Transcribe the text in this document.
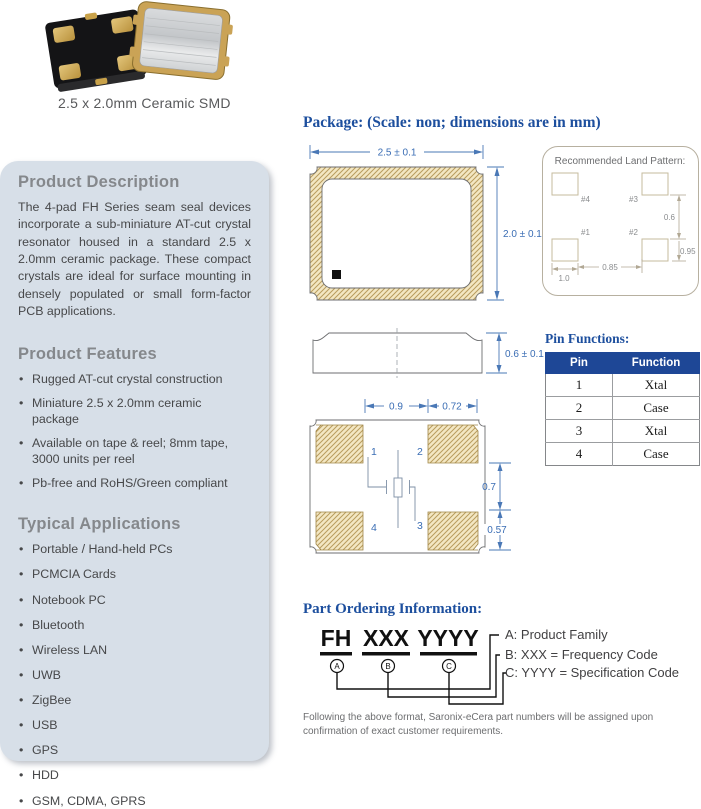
2.5 x 2.0mm Ceramic SMD
Product Description

The 4-pad FH Series seam seal devices incorporate a sub-miniature AT-cut crystal resonator housed in a standard 2.5 x 2.0mm ceramic package. These compact crystals are ideal for surface mounting in densely populated or small form-factor PCB applications.

Product Features
• Rugged AT-cut crystal construction
• Miniature 2.5 x 2.0mm ceramic package
• Available on tape & reel; 8mm tape, 3000 units per reel
• Pb-free and RoHS/Green compliant
Typical Applications
• Portable / Hand-held PCs
• PCMCIA Cards
• Notebook PC
• Bluetooth
• Wireless LAN
• UWB
• ZigBee
• USB
• GPS
• HDD
• GSM, CDMA, GPRS
Package: (Scale: non; dimensions are in mm)
2.5 ± 0.1
2.0 ± 0.1
Recommended Land Pattern:
#4	#3
#1	#2
0.6
0.95
1.0
0.85
0.6 ± 0.1
0.9	0.72
1	2
4	3
0.7
0.57
Pin Functions:
Pin	Function
1	Xtal
2	Case
3	Xtal
4	Case
Part Ordering Information:
FH XXX YYYY
A	B	C
A: Product Family
B: XXX = Frequency Code
C: YYYY = Specification Code
Following the above format, Saronix-eCera part numbers will be assigned upon
confirmation of exact customer requirements.
